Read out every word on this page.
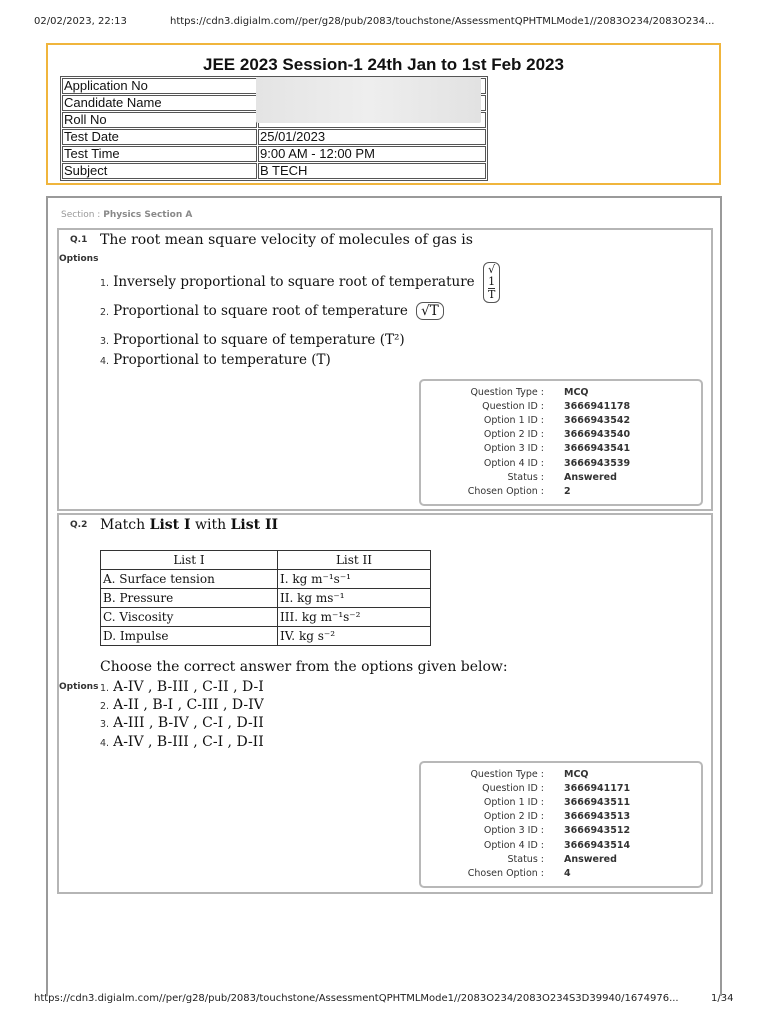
02/02/2023, 22:13	https://cdn3.digialm.com//per/g28/pub/2083/touchstone/AssessmentQPHTMLMode1//2083O234/2083O234...
https://cdn3.digialm.com//per/g28/pub/2083/touchstone/AssessmentQPHTMLMode1//2083O234/2083O234S3D39940/1674976...	1/34
JEE 2023 Session-1 24th Jan to 1st Feb 2023
Application No	
Candidate Name	
Roll No	
Test Date	25/01/2023
Test Time	9:00 AM - 12:00 PM
Subject	B TECH
Section : Physics Section A
Q.1 The root mean square velocity of molecules of gas is
Options
1. Inversely proportional to square root of temperature √
1
T
2. Proportional to square root of temperature √T
3. Proportional to square of temperature (T²)
4. Proportional to temperature (T)
Question Type : MCQ
Question ID : 3666941178
Option 1 ID : 3666943542
Option 2 ID : 3666943540
Option 3 ID : 3666943541
Option 4 ID : 3666943539
Status : Answered
Chosen Option : 2
Q.2 Match List I with List II
List I	List II
A. Surface tension	I. kg m⁻¹s⁻¹
B. Pressure	II. kg ms⁻¹
C. Viscosity	III. kg m⁻¹s⁻²
D. Impulse	IV. kg s⁻²
Choose the correct answer from the options given below:
Options 1. A-IV , B-III , C-II , D-I
2. A-II , B-I , C-III , D-IV
3. A-III , B-IV , C-I , D-II
4. A-IV , B-III , C-I , D-II
Question Type : MCQ
Question ID : 3666941171
Option 1 ID : 3666943511
Option 2 ID : 3666943513
Option 3 ID : 3666943512
Option 4 ID : 3666943514
Status : Answered
Chosen Option : 4
